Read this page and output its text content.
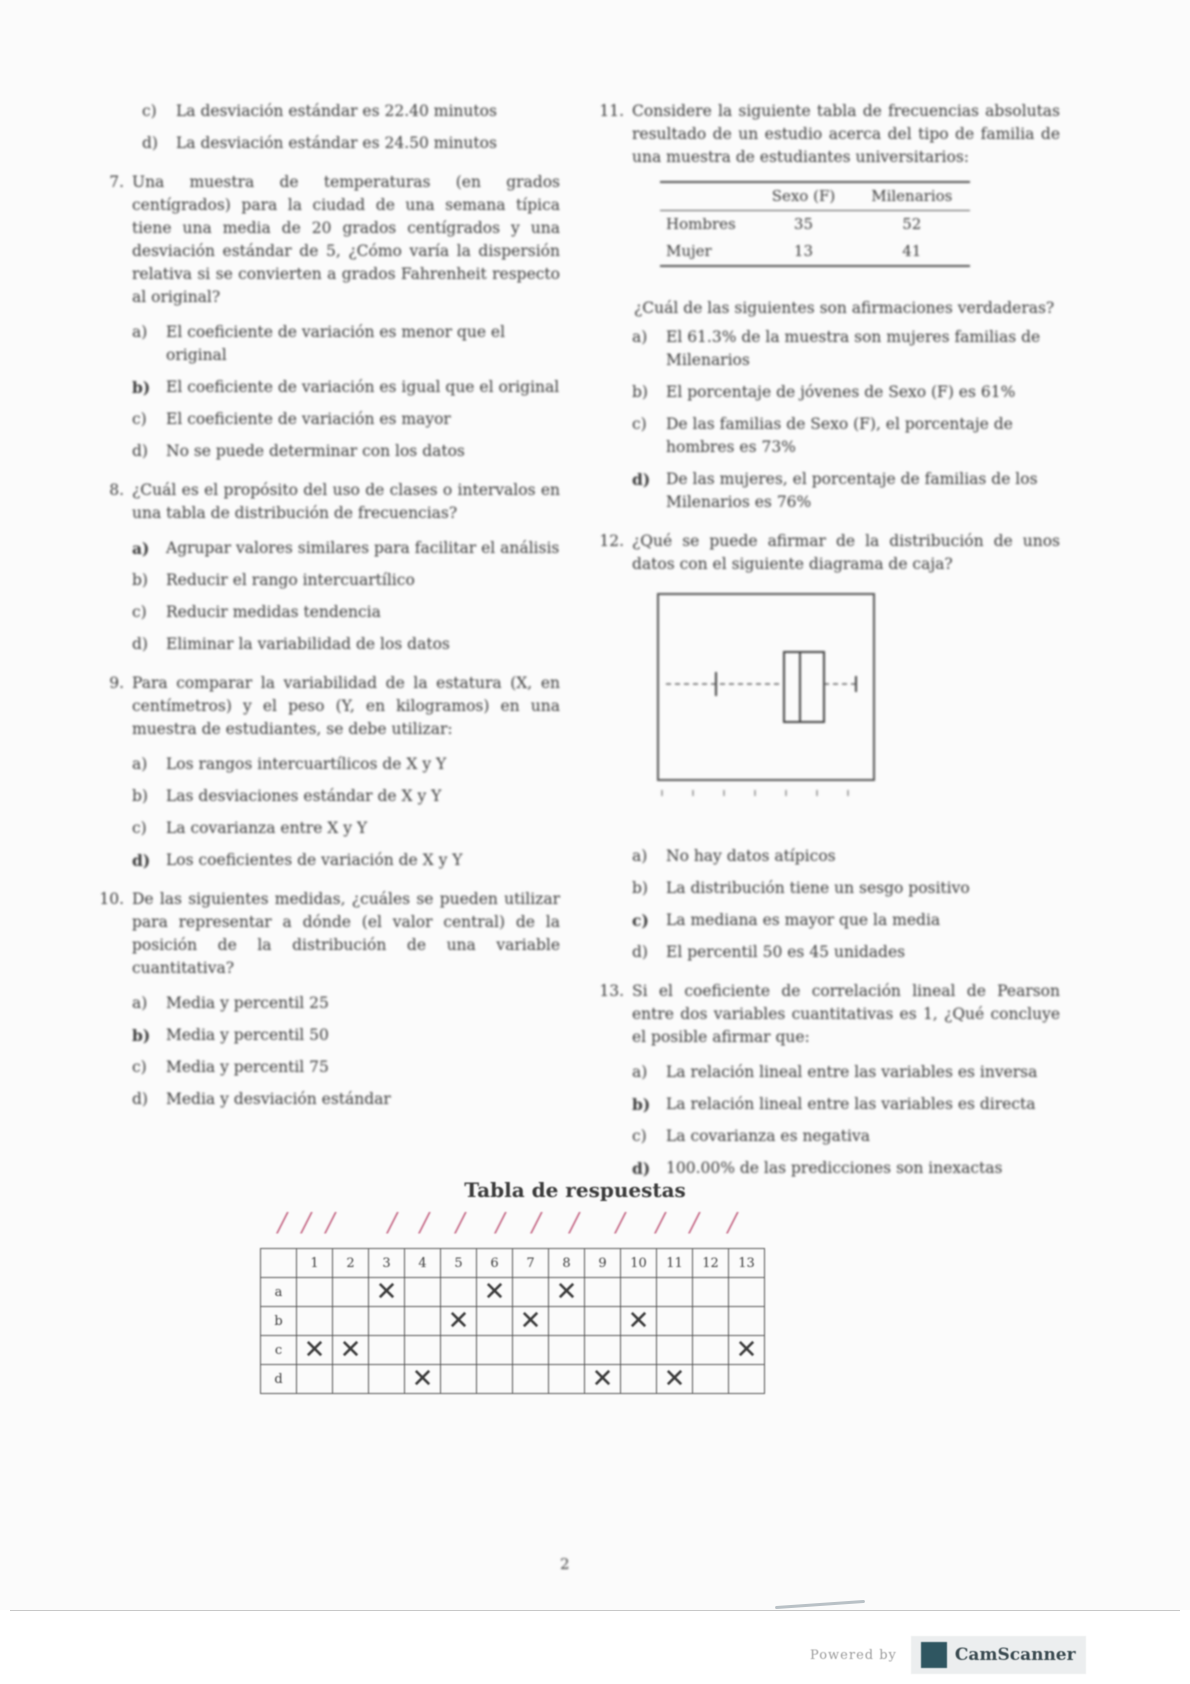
c)	La desviación estándar es 22.40 minutos
d)	La desviación estándar es 24.50 minutos
7. Una muestra de temperaturas (en grados centígrados) para la ciudad de una semana típica tiene una media de 20 grados centígrados y una desviación estándar de 5, ¿Cómo varía la dispersión relativa si se convierten a grados Fahrenheit respecto al original?
a)	El coeficiente de variación es menor que el original
b)	El coeficiente de variación es igual que el original
c)	El coeficiente de variación es mayor
d)	No se puede determinar con los datos
8. ¿Cuál es el propósito del uso de clases o intervalos en una tabla de distribución de frecuencias?
a)	Agrupar valores similares para facilitar el análisis
b)	Reducir el rango intercuartílico
c)	Reducir medidas tendencia
d)	Eliminar la variabilidad de los datos
9. Para comparar la variabilidad de la estatura (X, en centímetros) y el peso (Y, en kilogramos) en una muestra de estudiantes, se debe utilizar:
a)	Los rangos intercuartílicos de X y Y
b)	Las desviaciones estándar de X y Y
c)	La covarianza entre X y Y
d)	Los coeficientes de variación de X y Y
10. De las siguientes medidas, ¿cuáles se pueden utilizar para representar a dónde (el valor central) de la posición de la distribución de una variable cuantitativa?
a)	Media y percentil 25
b)	Media y percentil 50
c)	Media y percentil 75
d)	Media y desviación estándar
11. Considere la siguiente tabla de frecuencias absolutas resultado de un estudio acerca del tipo de familia de una muestra de estudiantes universitarios:
	Sexo (F)	Milenarios
Hombres	35	52
Mujer	13	41
¿Cuál de las siguientes son afirmaciones verdaderas?
a)	El 61.3% de la muestra son mujeres familias de Milenarios
b)	El porcentaje de jóvenes de Sexo (F) es 61%
c)	De las familias de Sexo (F), el porcentaje de hombres es 73%
d)	De las mujeres, el porcentaje de familias de los Milenarios es 76%
12. ¿Qué se puede afirmar de la distribución de unos datos con el siguiente diagrama de caja?
a)	No hay datos atípicos
b)	La distribución tiene un sesgo positivo
c)	La mediana es mayor que la media
d)	El percentil 50 es 45 unidades
13. Si el coeficiente de correlación lineal de Pearson entre dos variables cuantitativas es 1, ¿Qué concluye el posible afirmar que:
a)	La relación lineal entre las variables es inversa
b)	La relación lineal entre las variables es directa
c)	La covarianza es negativa
d)	100.00% de las predicciones son inexactas
Tabla de respuestas
/ / / / / / / / / / / / /
	1	2	3	4	5	6	7	8	9	10	11	12	13
a			✕			✕		✕					
b					✕		✕			✕			
c	✕	✕											✕
d				✕					✕		✕		
2
Powered by	CamScanner
